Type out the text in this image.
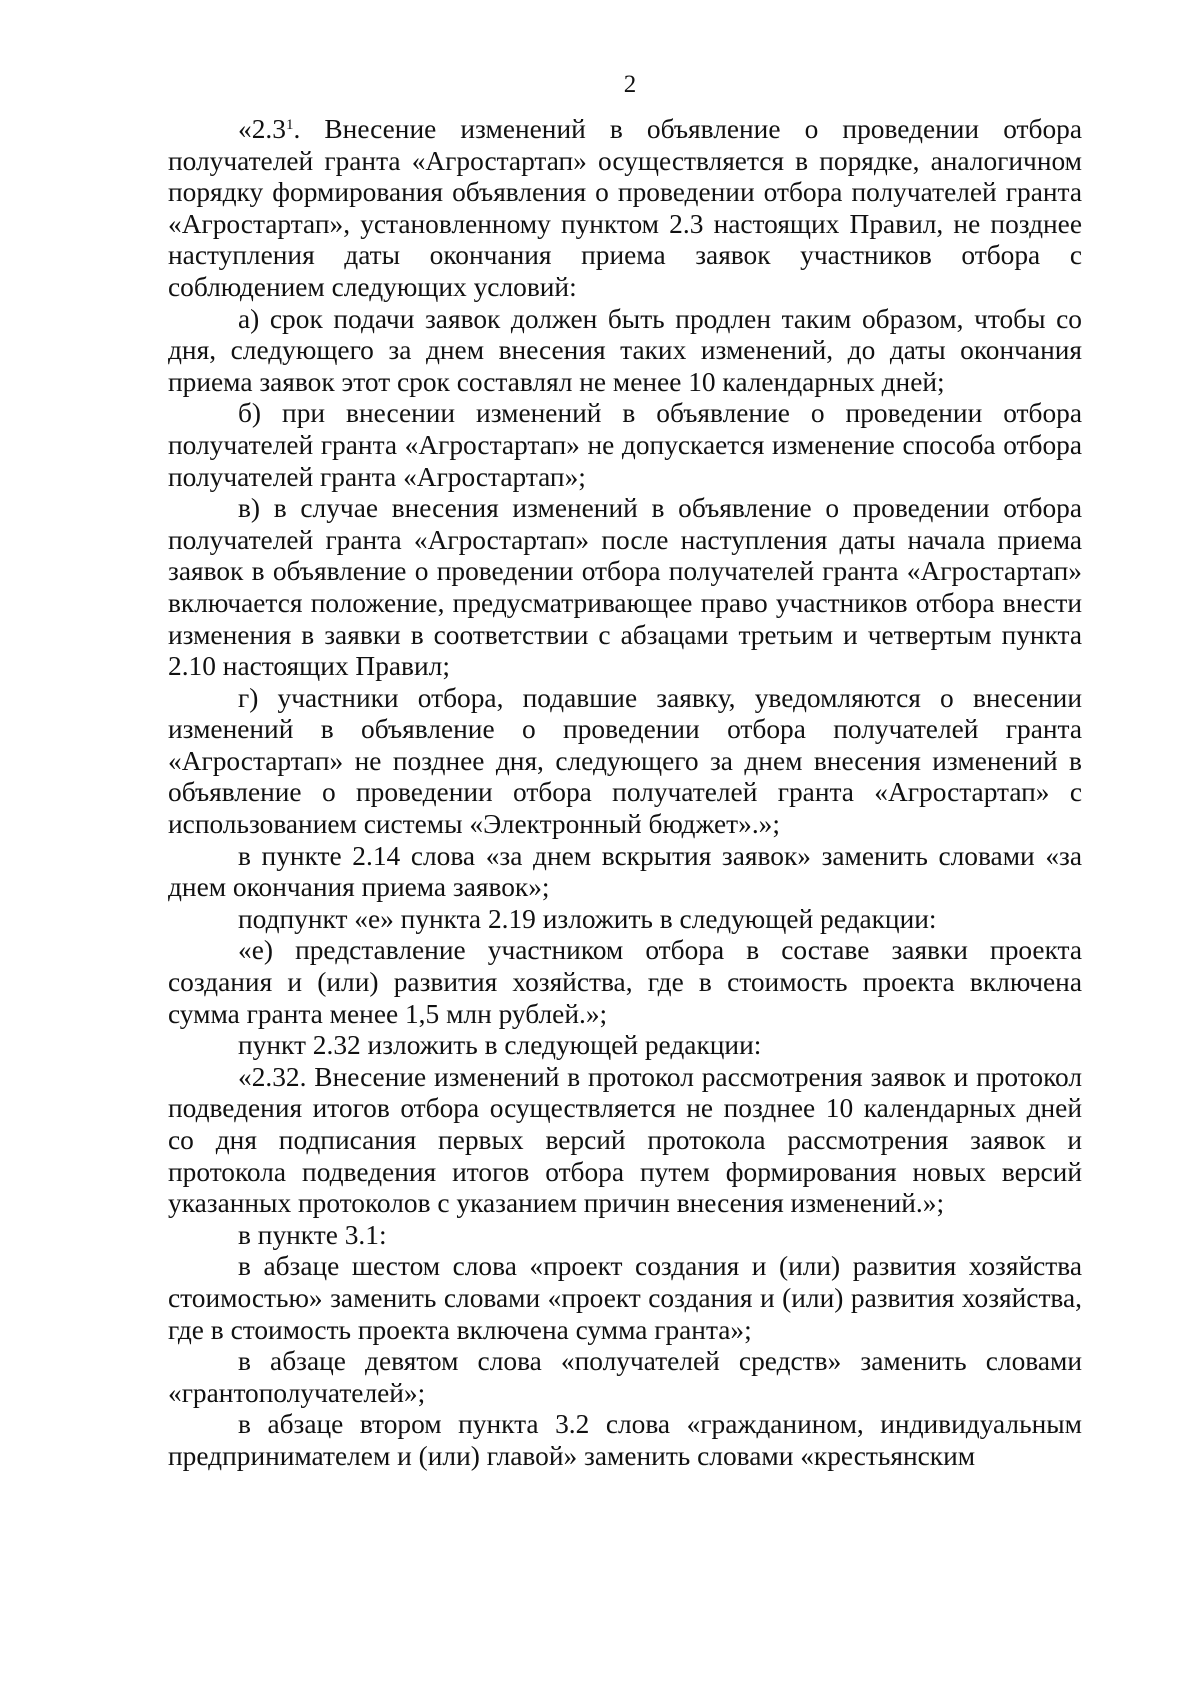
2

«$2.3^1$. Внесение изменений в объявление о проведении отбора получателей гранта «Агростартап» осуществляется в порядке, аналогичном порядку формирования объявления о проведении отбора получателей гранта «Агростартап», установленному пунктом 2.3 настоящих Правил, не позднее наступления даты окончания приема заявок участников отбора с соблюдением следующих условий:

а) срок подачи заявок должен быть продлен таким образом, чтобы со дня, следующего за днем внесения таких изменений, до даты окончания приема заявок этот срок составлял не менее 10 календарных дней;

б) при внесении изменений в объявление о проведении отбора получателей гранта «Агростартап» не допускается изменение способа отбора получателей гранта «Агростартап»;

в) в случае внесения изменений в объявление о проведении отбора получателей гранта «Агростартап» после наступления даты начала приема заявок в объявление о проведении отбора получателей гранта «Агростартап» включается положение, предусматривающее право участников отбора внести изменения в заявки в соответствии с абзацами третьим и четвертым пункта 2.10 настоящих Правил;

г) участники отбора, подавшие заявку, уведомляются о внесении изменений в объявление о проведении отбора получателей гранта «Агростартап» не позднее дня, следующего за днем внесения изменений в объявление о проведении отбора получателей гранта «Агростартап» с использованием системы «Электронный бюджет».»;

в пункте 2.14 слова «за днем вскрытия заявок» заменить словами «за днем окончания приема заявок»;

подпункт «е» пункта 2.19 изложить в следующей редакции:

«е) представление участником отбора в составе заявки проекта создания и (или) развития хозяйства, где в стоимость проекта включена сумма гранта менее 1,5 млн рублей.»;

пункт 2.32 изложить в следующей редакции:

«2.32. Внесение изменений в протокол рассмотрения заявок и протокол подведения итогов отбора осуществляется не позднее 10 календарных дней со дня подписания первых версий протокола рассмотрения заявок и протокола подведения итогов отбора путем формирования новых версий указанных протоколов с указанием причин внесения изменений.»;

в пункте 3.1:

в абзаце шестом слова «проект создания и (или) развития хозяйства стоимостью» заменить словами «проект создания и (или) развития хозяйства, где в стоимость проекта включена сумма гранта»;

в абзаце девятом слова «получателей средств» заменить словами «грантополучателей»;

в абзаце втором пункта 3.2 слова «гражданином, индивидуальным предпринимателем и (или) главой» заменить словами «крестьянским
